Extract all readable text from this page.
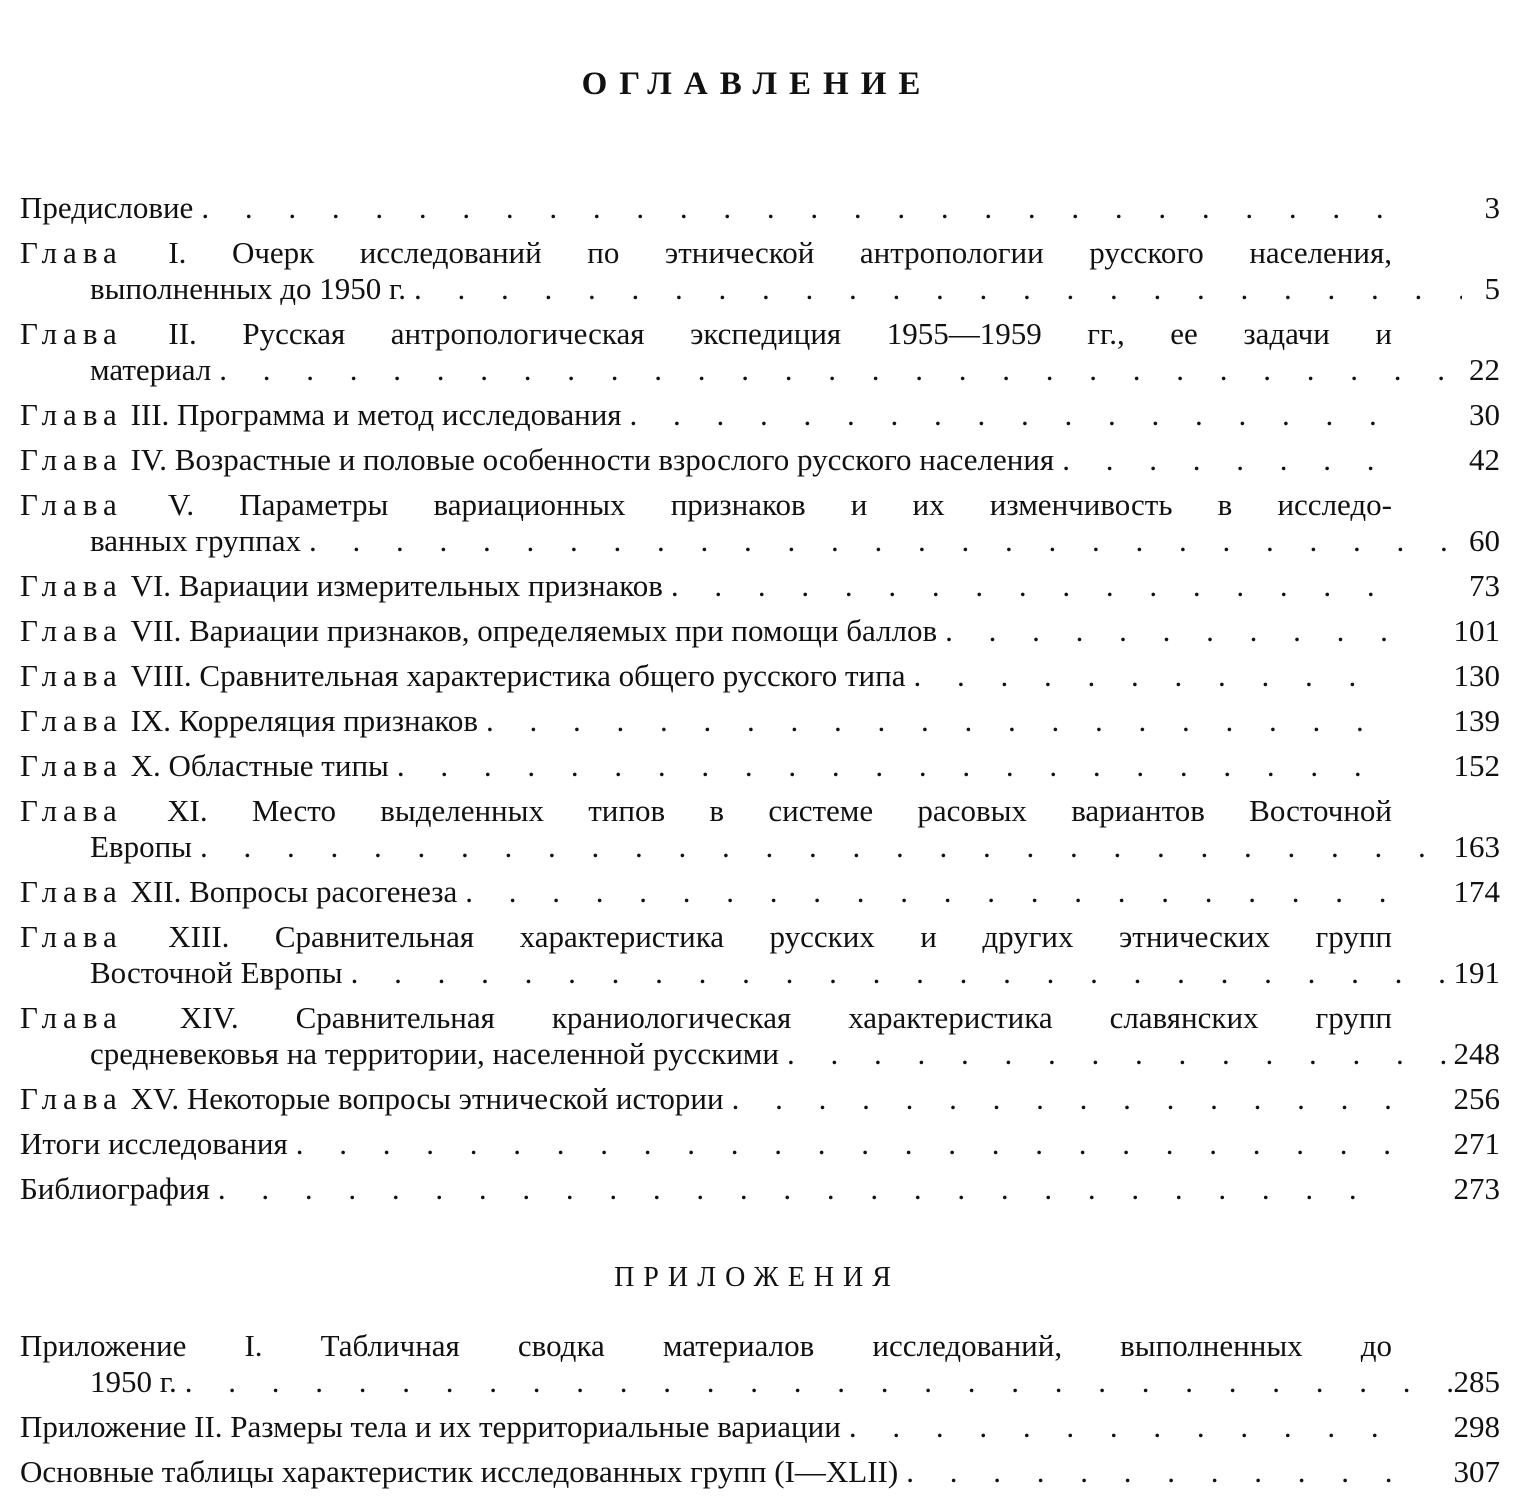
ОГЛАВЛЕНИЕ
Предисловие . . .	3
Глава I. Очерк исследований по этнической антропологии русского населения,
выполненных до 1950 г. . . .	5
Глава II. Русская антропологическая экспедиция 1955—1959 гг., ее задачи и
материал . . .	22
Глава III. Программа и метод исследования . . .	30
Глава IV. Возрастные и половые особенности взрослого русского населения . . .	42
Глава V. Параметры вариационных признаков и их изменчивость в исследо-
ванных группах . . .	60
Глава VI. Вариации измерительных признаков . . .	73
Глава VII. Вариации признаков, определяемых при помощи баллов . . .	101
Глава VIII. Сравнительная характеристика общего русского типа . . .	130
Глава IX. Корреляция признаков . . .	139
Глава X. Областные типы . . .	152
Глава XI. Место выделенных типов в системе расовых вариантов Восточной
Европы . . .	163
Глава XII. Вопросы расогенеза . . .	174
Глава XIII. Сравнительная характеристика русских и других этнических групп
Восточной Европы . . .	191
Глава XIV. Сравнительная краниологическая характеристика славянских групп
средневековья на территории, населенной русскими . . .	248
Глава XV. Некоторые вопросы этнической истории . . .	256
Итоги исследования . . .	271
Библиография . . .	273
ПРИЛОЖЕНИЯ
Приложение I. Табличная сводка материалов исследований, выполненных до
1950 г. . . .	285
Приложение II. Размеры тела и их территориальные вариации . . .	298
Основные таблицы характеристик исследованных групп (I—XLII) . . .	307
